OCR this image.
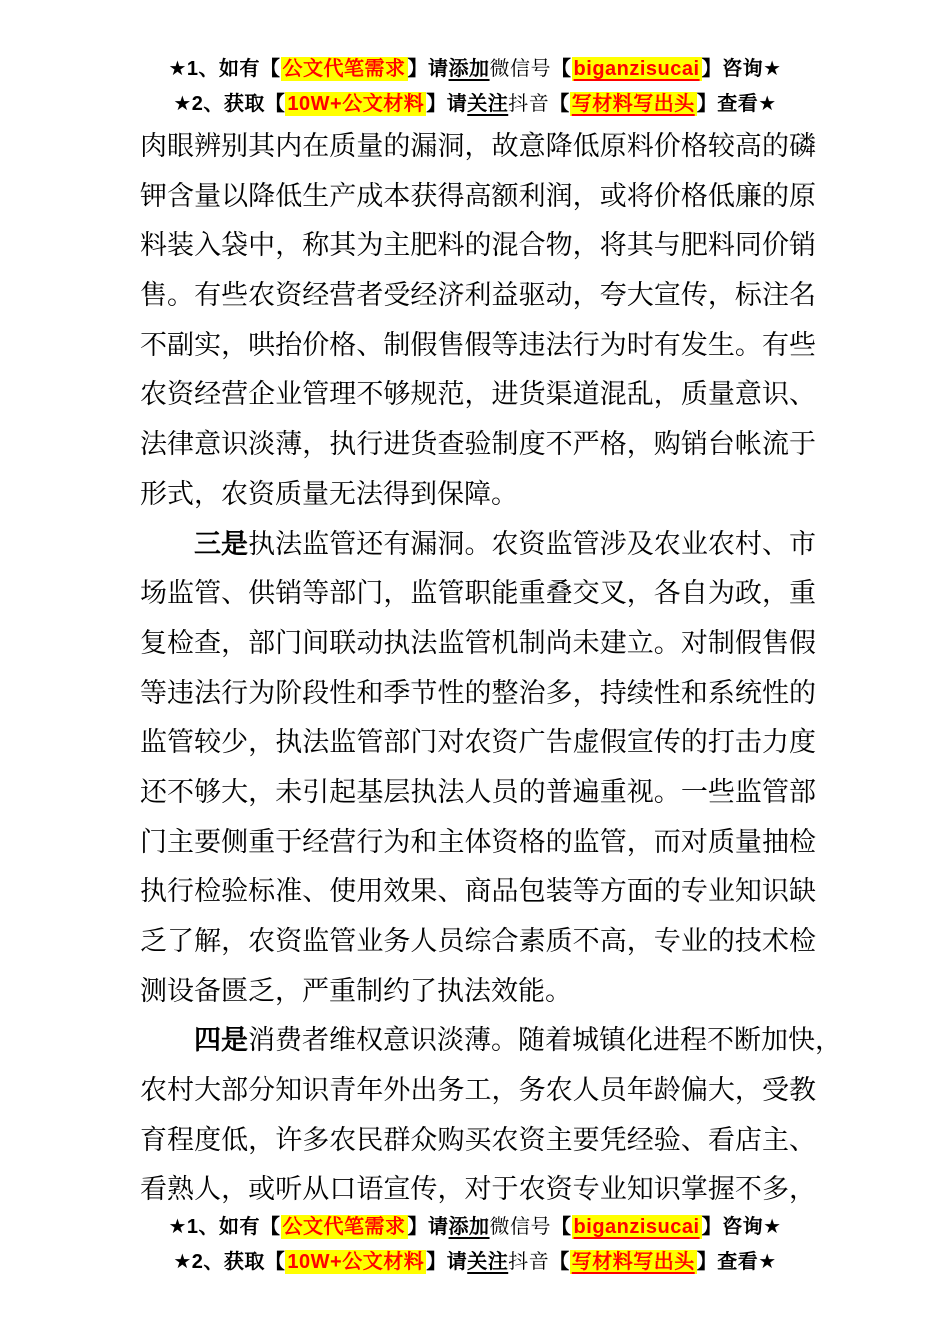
★1、如有【 公文代笔需求 】请添加微信号【 biganzisucai 】咨询★
★2、获取【 10W+公文材料 】请关注抖音【 写材料写出头 】查看★
肉眼辨别其内在质量的漏洞，故意降低原料价格较高的磷
钾含量以降低生产成本获得高额利润，或将价格低廉的原
料装入袋中，称其为主肥料的混合物，将其与肥料同价销
售。有些农资经营者受经济利益驱动，夸大宣传，标注名
不副实，哄抬价格、制假售假等违法行为时有发生。有些
农资经营企业管理不够规范，进货渠道混乱，质量意识、
法律意识淡薄，执行进货查验制度不严格，购销台帐流于
形式，农资质量无法得到保障。
三是执法监管还有漏洞。农资监管涉及农业农村、市
场监管、供销等部门，监管职能重叠交叉，各自为政，重
复检查，部门间联动执法监管机制尚未建立。对制假售假
等违法行为阶段性和季节性的整治多，持续性和系统性的
监管较少，执法监管部门对农资广告虚假宣传的打击力度
还不够大，未引起基层执法人员的普遍重视。一些监管部
门主要侧重于经营行为和主体资格的监管，而对质量抽检
执行检验标准、使用效果、商品包装等方面的专业知识缺
乏了解，农资监管业务人员综合素质不高，专业的技术检
测设备匮乏，严重制约了执法效能。
四是消费者维权意识淡薄。随着城镇化进程不断加快，
农村大部分知识青年外出务工，务农人员年龄偏大，受教
育程度低，许多农民群众购买农资主要凭经验、看店主、
看熟人，或听从口语宣传，对于农资专业知识掌握不多，
★1、如有【 公文代笔需求 】请添加微信号【 biganzisucai 】咨询★
★2、获取【 10W+公文材料 】请关注抖音【 写材料写出头 】查看★
